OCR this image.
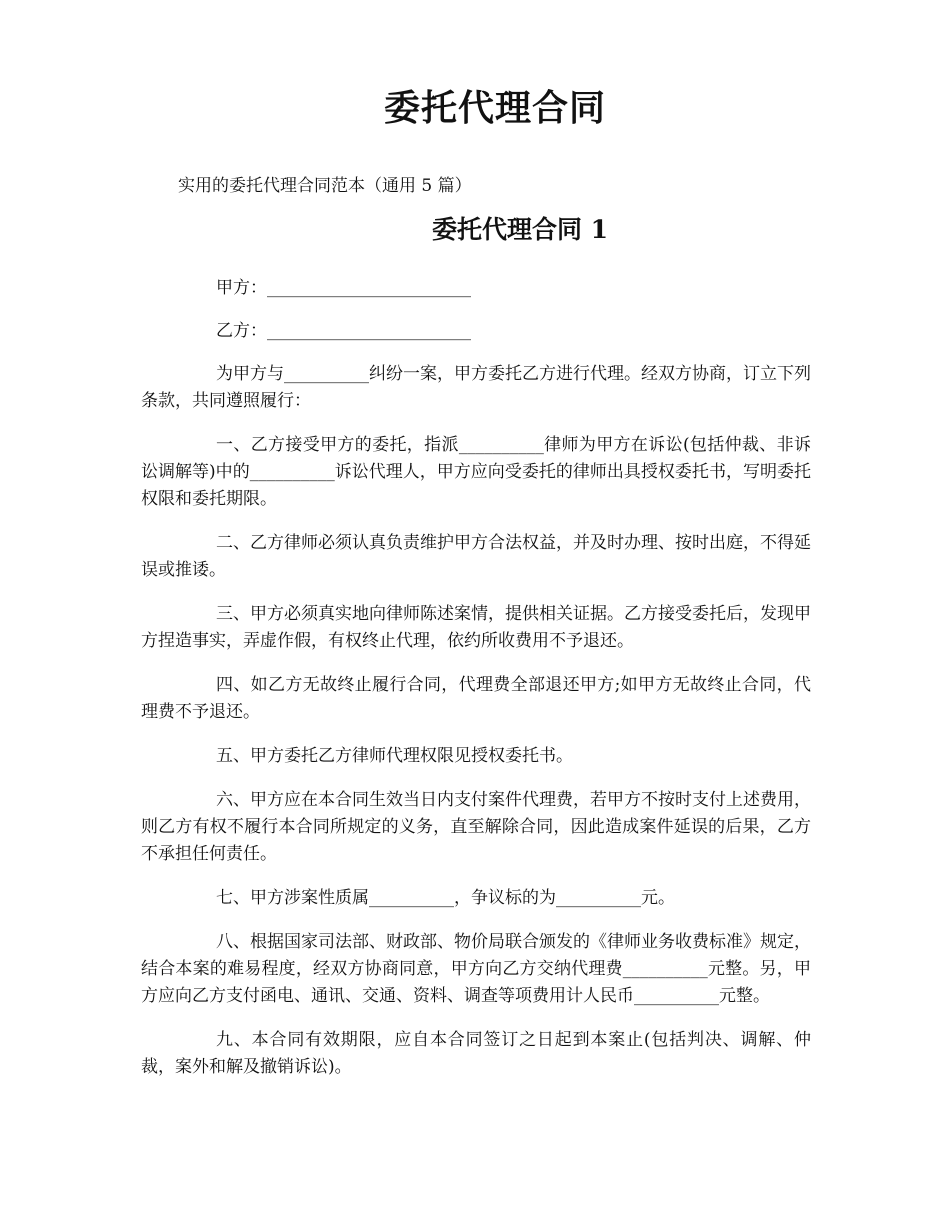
委托代理合同

实用的委托代理合同范本（通用 5 篇）

委托代理合同 1

甲方：________________________

乙方：________________________

为甲方与__________纠纷一案，甲方委托乙方进行代理。经双方协商，订立下列条款，共同遵照履行：

一、乙方接受甲方的委托，指派__________律师为甲方在诉讼(包括仲裁、非诉讼调解等)中的__________诉讼代理人，甲方应向受委托的律师出具授权委托书，写明委托权限和委托期限。

二、乙方律师必须认真负责维护甲方合法权益，并及时办理、按时出庭，不得延误或推诿。

三、甲方必须真实地向律师陈述案情，提供相关证据。乙方接受委托后，发现甲方捏造事实，弄虚作假，有权终止代理，依约所收费用不予退还。

四、如乙方无故终止履行合同，代理费全部退还甲方;如甲方无故终止合同，代理费不予退还。

五、甲方委托乙方律师代理权限见授权委托书。

六、甲方应在本合同生效当日内支付案件代理费，若甲方不按时支付上述费用，则乙方有权不履行本合同所规定的义务，直至解除合同，因此造成案件延误的后果，乙方不承担任何责任。

七、甲方涉案性质属__________，争议标的为__________元。

八、根据国家司法部、财政部、物价局联合颁发的《律师业务收费标准》规定，结合本案的难易程度，经双方协商同意，甲方向乙方交纳代理费__________元整。另，甲方应向乙方支付函电、通讯、交通、资料、调查等项费用计人民币__________元整。

九、本合同有效期限，应自本合同签订之日起到本案止(包括判决、调解、仲裁，案外和解及撤销诉讼)。
